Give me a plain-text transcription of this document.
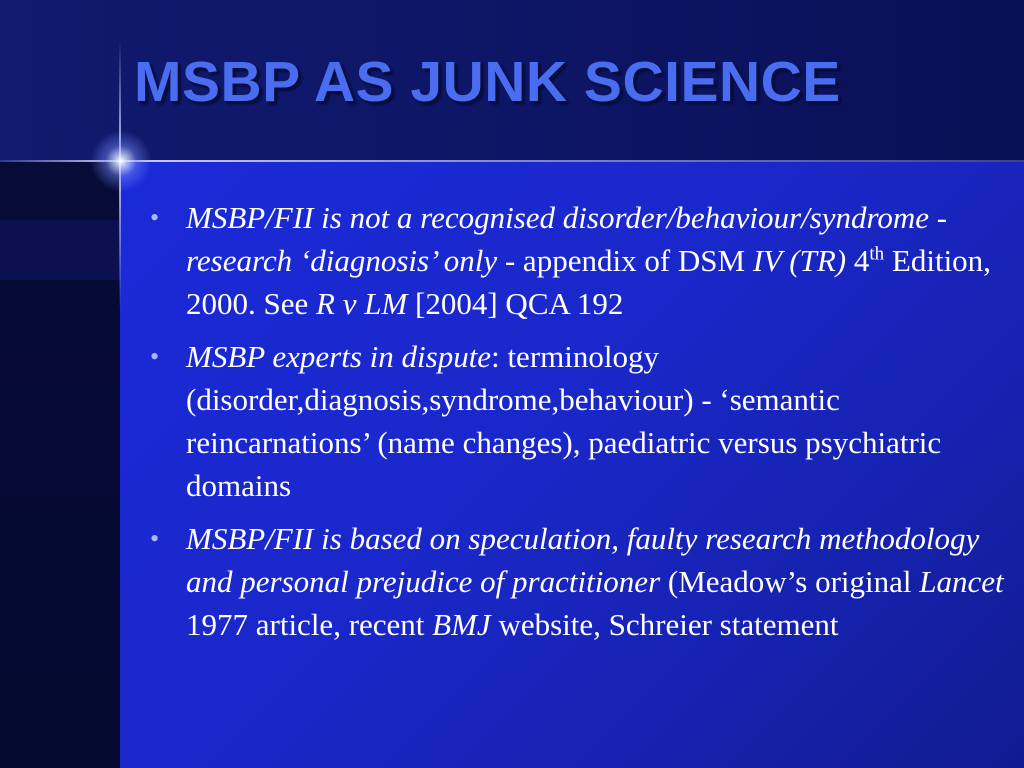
MSBP AS JUNK SCIENCE
• MSBP/FII is not a recognised disorder/behaviour/syndrome - research ‘diagnosis’ only - appendix of DSM IV (TR) 4th Edition, 2000. See R v LM [2004] QCA 192
• MSBP experts in dispute: terminology (disorder,diagnosis,syndrome,behaviour) - ‘semantic reincarnations’ (name changes), paediatric versus psychiatric domains
• MSBP/FII is based on speculation, faulty research methodology and personal prejudice of practitioner (Meadow’s original Lancet 1977 article, recent BMJ website, Schreier statement
